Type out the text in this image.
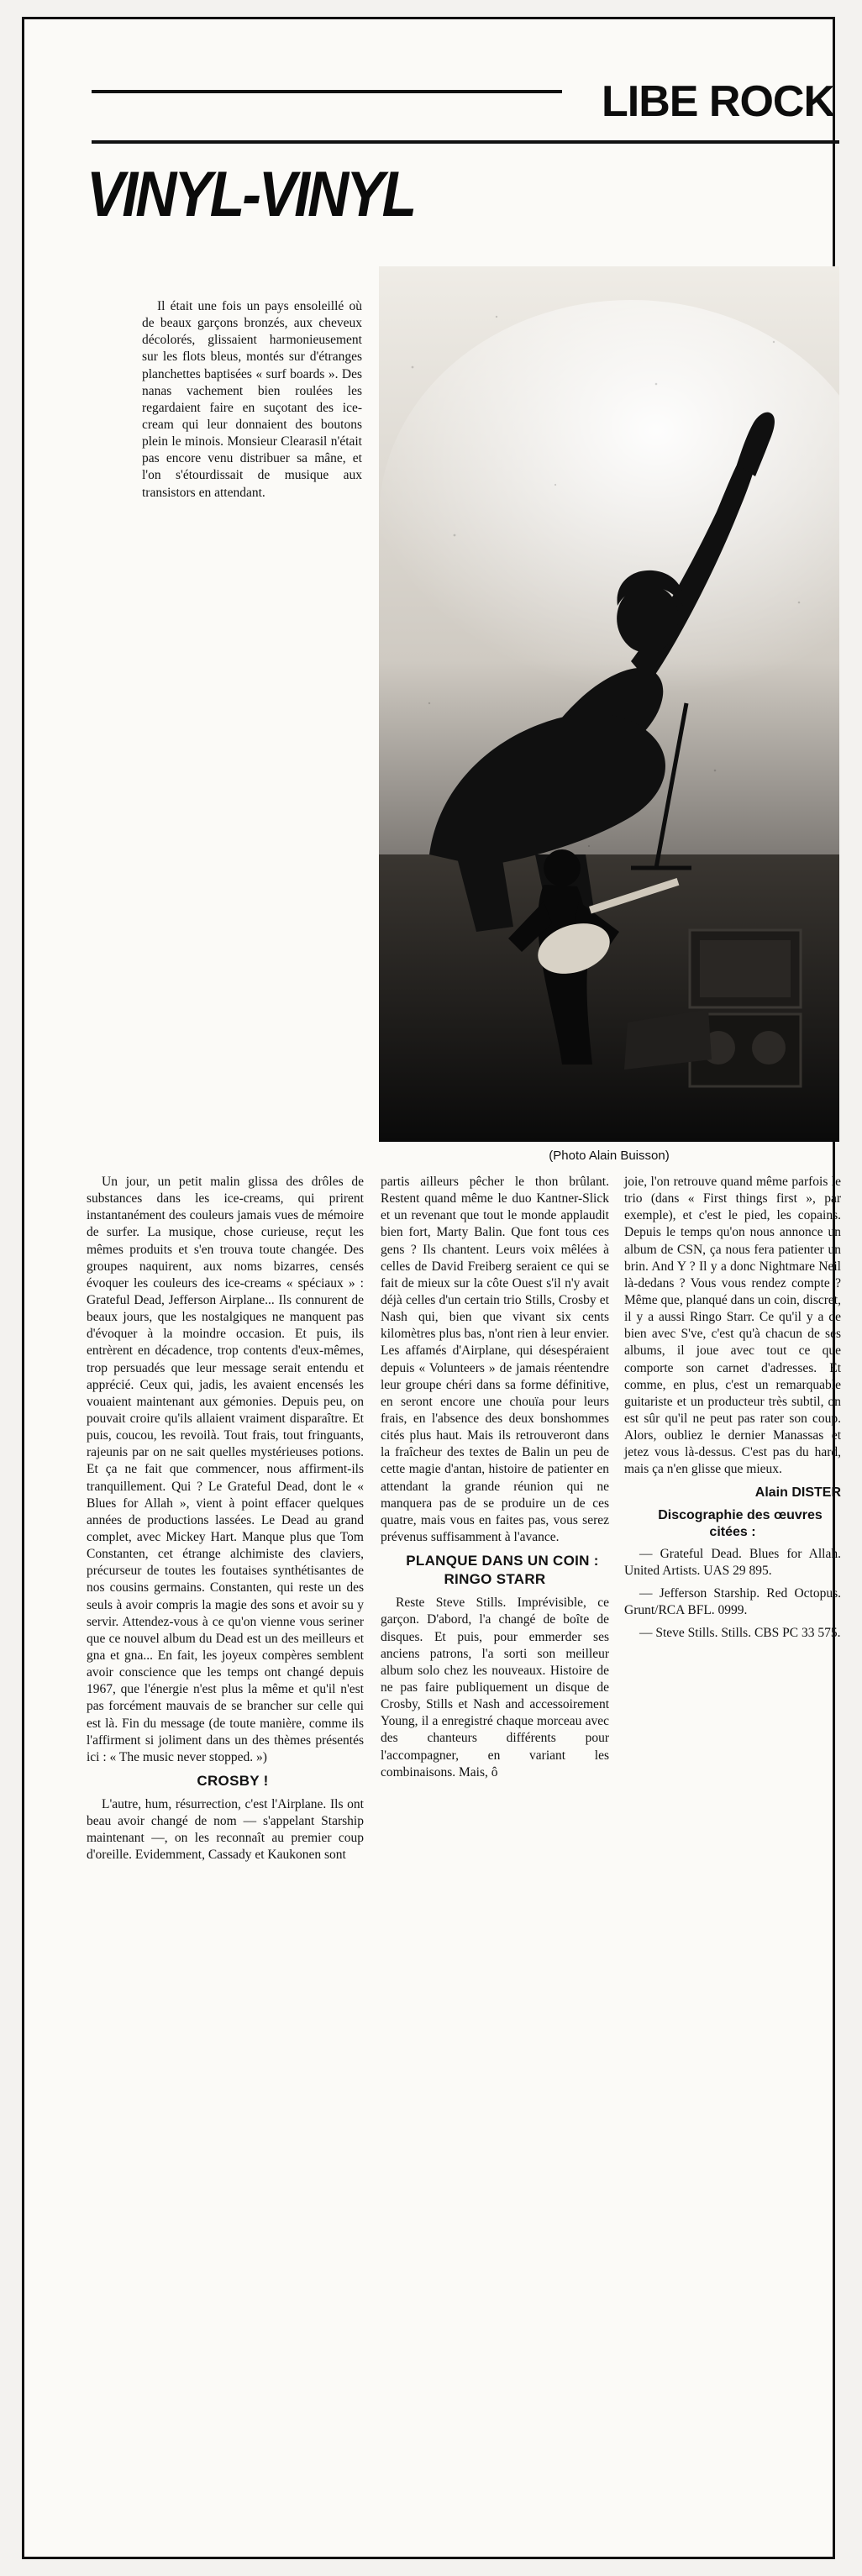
LIBE ROCK
VINYL-VINYL
(Photo Alain Buisson)

Il était une fois un pays ensoleillé où de beaux garçons bronzés, aux cheveux décolorés, glissaient harmonieusement sur les flots bleus, montés sur d'étranges planchettes baptisées « surf boards ». Des nanas vachement bien roulées les regardaient faire en suçotant des ice-cream qui leur donnaient des boutons plein le minois. Monsieur Clearasil n'était pas encore venu distribuer sa mâne, et l'on s'étourdissait de musique aux transistors en attendant.

Un jour, un petit malin glissa des drôles de substances dans les ice-creams, qui prirent instantanément des couleurs jamais vues de mémoire de surfer. La musique, chose curieuse, reçut les mêmes produits et s'en trouva toute changée. Des groupes naquirent, aux noms bizarres, censés évoquer les couleurs des ice-creams « spéciaux » : Grateful Dead, Jefferson Airplane... Ils connurent de beaux jours, que les nostalgiques ne manquent pas d'évoquer à la moindre occasion. Et puis, ils entrèrent en décadence, trop contents d'eux-mêmes, trop persuadés que leur message serait entendu et apprécié. Ceux qui, jadis, les avaient encensés les vouaient maintenant aux gémonies. Depuis peu, on pouvait croire qu'ils allaient vraiment disparaître. Et puis, coucou, les revoilà. Tout frais, tout fringuants, rajeunis par on ne sait quelles mystérieuses potions. Et ça ne fait que commencer, nous affirment-ils tranquillement. Qui ? Le Grateful Dead, dont le « Blues for Allah », vient à point effacer quelques années de productions lassées. Le Dead au grand complet, avec Mickey Hart. Manque plus que Tom Constanten, cet étrange alchimiste des claviers, précurseur de toutes les foutaises synthétisantes de nos cousins germains. Constanten, qui reste un des seuls à avoir compris la magie des sons et avoir su y servir. Attendez-vous à ce qu'on vienne vous seriner que ce nouvel album du Dead est un des meilleurs et gna et gna... En fait, les joyeux compères semblent avoir conscience que les temps ont changé depuis 1967, que l'énergie n'est plus la même et qu'il n'est pas forcément mauvais de se brancher sur celle qui est là. Fin du message (de toute manière, comme ils l'affirment si joliment dans un des thèmes présentés ici : « The music never stopped. »)

CROSBY !

L'autre, hum, résurrection, c'est l'Airplane. Ils ont beau avoir changé de nom — s'appelant Starship maintenant —, on les reconnaît au premier coup d'oreille. Evidemment, Cassady et Kaukonen sont

partis ailleurs pêcher le thon brûlant. Restent quand même le duo Kantner-Slick et un revenant que tout le monde applaudit bien fort, Marty Balin. Que font tous ces gens ? Ils chantent. Leurs voix mêlées à celles de David Freiberg seraient ce qui se fait de mieux sur la côte Ouest s'il n'y avait déjà celles d'un certain trio Stills, Crosby et Nash qui, bien que vivant six cents kilomètres plus bas, n'ont rien à leur envier. Les affamés d'Airplane, qui désespéraient depuis « Volunteers » de jamais réentendre leur groupe chéri dans sa forme définitive, en seront encore une chouïa pour leurs frais, en l'absence des deux bonshommes cités plus haut. Mais ils retrouveront dans la fraîcheur des textes de Balin un peu de cette magie d'antan, histoire de patienter en attendant la grande réunion qui ne manquera pas de se produire un de ces quatre, mais vous en faites pas, vous serez prévenus suffisamment à l'avance.

PLANQUE DANS UN COIN : RINGO STARR

Reste Steve Stills. Imprévisible, ce garçon. D'abord, l'a changé de boîte de disques. Et puis, pour emmerder ses anciens patrons, l'a sorti son meilleur album solo chez les nouveaux. Histoire de ne pas faire publiquement un disque de Crosby, Stills et Nash and accessoirement Young, il a enregistré chaque morceau avec des chanteurs différents pour l'accompagner, en variant les combinaisons. Mais, ô

joie, l'on retrouve quand même parfois le trio (dans « First things first », par exemple), et c'est le pied, les copains. Depuis le temps qu'on nous annonce un album de CSN, ça nous fera patienter un brin. And Y ? Il y a donc Nightmare Neil là-dedans ? Vous vous rendez compte ? Même que, planqué dans un coin, discret, il y a aussi Ringo Starr. Ce qu'il y a de bien avec S've, c'est qu'à chacun de ses albums, il joue avec tout ce que comporte son carnet d'adresses. Et comme, en plus, c'est un remarquable guitariste et un producteur très subtil, on est sûr qu'il ne peut pas rater son coup. Alors, oubliez le dernier Manassas et jetez vous là-dessus. C'est pas du hard, mais ça n'en glisse que mieux.

Alain DISTER

Discographie des œuvres citées :

— Grateful Dead. Blues for Allah. United Artists. UAS 29 895.

— Jefferson Starship. Red Octopus. Grunt/RCA BFL. 0999.

— Steve Stills. Stills. CBS PC 33 575.
